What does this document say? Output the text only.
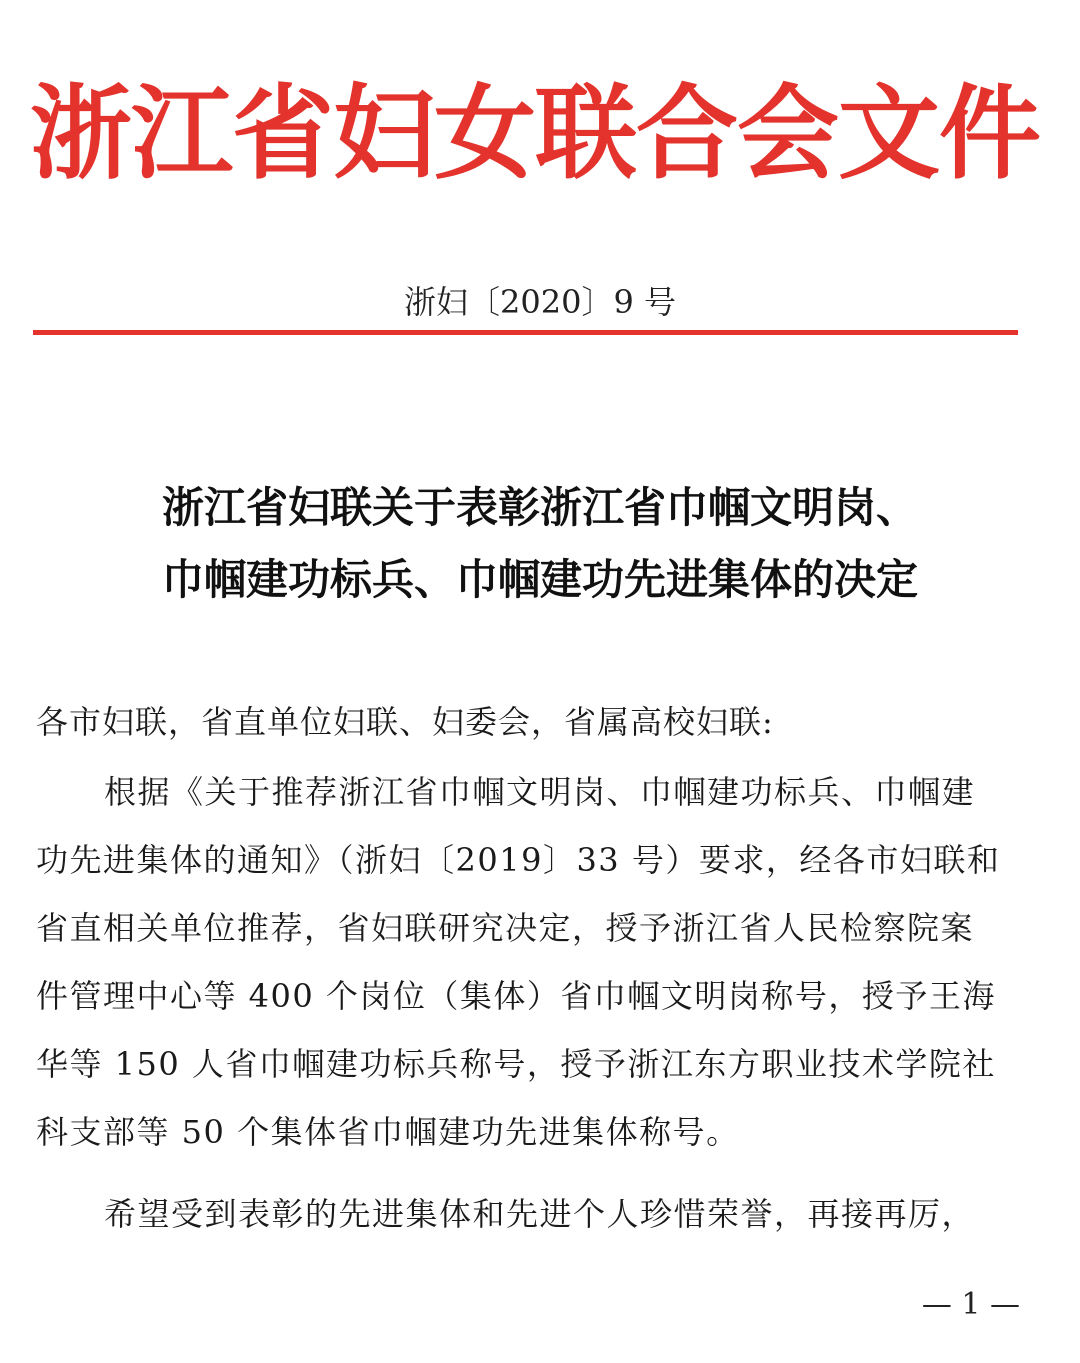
浙江省妇女联合会文件
浙妇〔2020〕9 号
浙江省妇联关于表彰浙江省巾帼文明岗、
巾帼建功标兵、巾帼建功先进集体的决定
各市妇联，省直单位妇联、妇委会，省属高校妇联:
根据《关于推荐浙江省巾帼文明岗、巾帼建功标兵、巾帼建
功先进集体的通知》（浙妇〔2019〕33 号）要求，经各市妇联和
省直相关单位推荐，省妇联研究决定，授予浙江省人民检察院案
件管理中心等 400 个岗位（集体）省巾帼文明岗称号，授予王海
华等 150 人省巾帼建功标兵称号，授予浙江东方职业技术学院社
科支部等 50 个集体省巾帼建功先进集体称号。
希望受到表彰的先进集体和先进个人珍惜荣誉，再接再厉，
— 1 —
